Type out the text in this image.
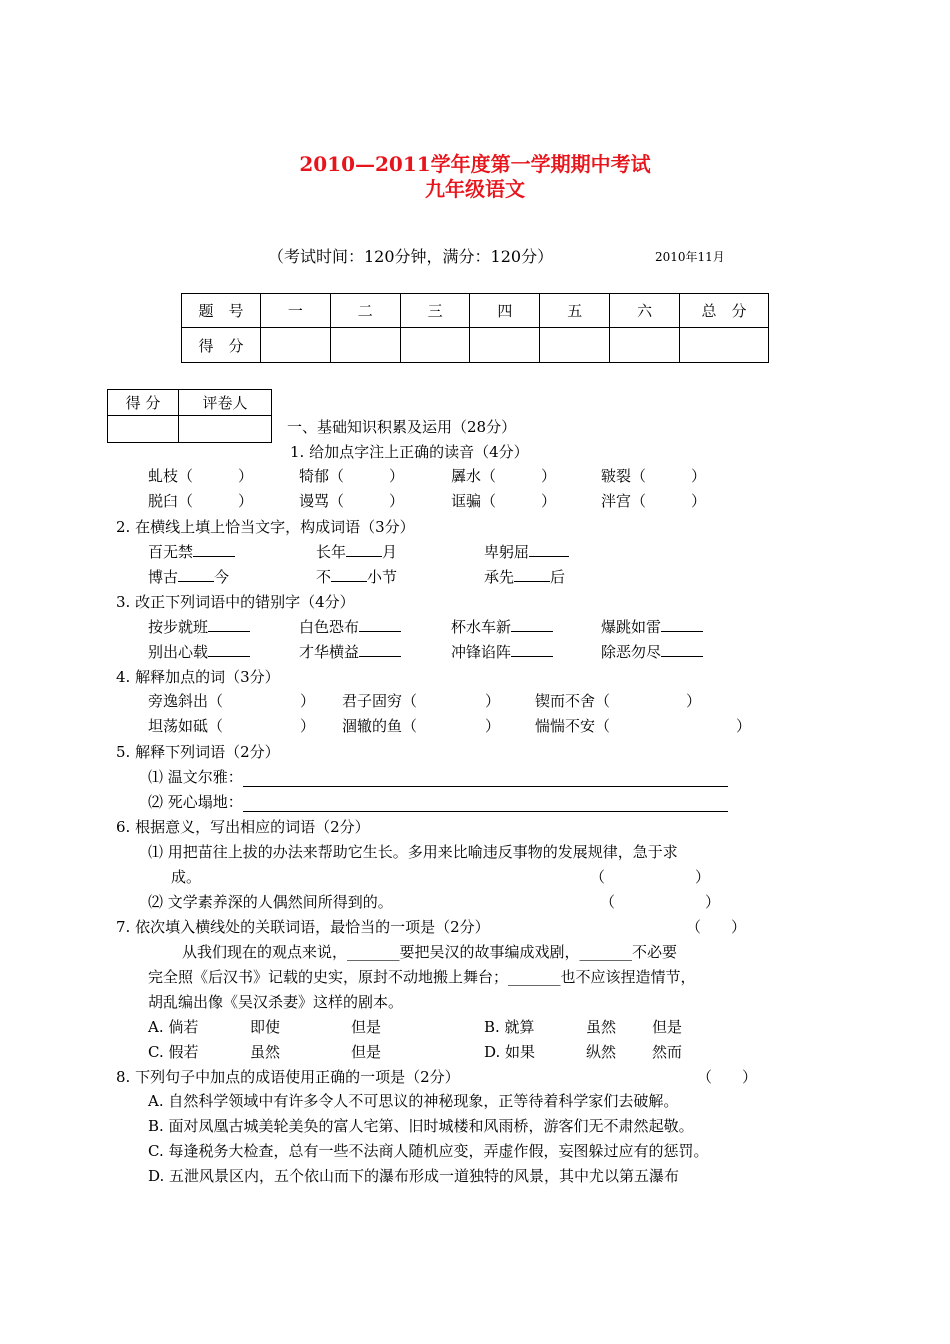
2010—2011学年度第一学期期中考试
九年级语文
（考试时间：120分钟，满分：120分）	2010年11月
题　号	一	二	三	四	五	六	总　分
得　分							
得 分	评卷人

一、基础知识积累及运用（28分）
1. 给加点字注上正确的读音（4分）
虬枝（　　　）	犄郁（　　　）	羼水（　　　）	皲裂（　　　）
脱臼（　　　）	谩骂（　　　）	诓骗（　　　）	泮宫（　　　）
2. 在横线上填上恰当文字，构成词语（3分）
百无禁	长年 月	卑躬屈
博古 今	不 小节	承先 后
3. 改正下列词语中的错别字（4分）
按步就班	白色恐布	杯水车新	爆跳如雷
别出心载	才华横益	冲锋谄阵	除恶勿尽
4. 解释加点的词（3分）
旁逸斜出（	） 君子固穷（	） 锲而不舍（	）
坦荡如砥（	） 涸辙的鱼（	） 惴惴不安（	）
5. 解释下列词语（2分）
⑴ 温文尔雅：
⑵ 死心塌地：
6. 根据意义，写出相应的词语（2分）
⑴ 用把苗往上拔的办法来帮助它生长。多用来比喻违反事物的发展规律，急于求
成。	（　　　　　　）
⑵ 文学素养深的人偶然间所得到的。	（　　　　　　）
7. 依次填入横线处的关联词语，最恰当的一项是（2分）	（　　）
从我们现在的观点来说，_______要把吴汉的故事编成戏剧，_______不必要
完全照《后汉书》记载的史实，原封不动地搬上舞台；_______也不应该捏造情节，
胡乱编出像《吴汉杀妻》这样的剧本。
A. 倘若	即使	但是	B. 就算	虽然 但是
C. 假若	虽然	但是	D. 如果	纵然 然而
8. 下列句子中加点的成语使用正确的一项是（2分）	（　　）
A. 自然科学领域中有许多令人不可思议的神秘现象，正等待着科学家们去破解。
B. 面对凤凰古城美轮美奂的富人宅第、旧时城楼和风雨桥，游客们无不肃然起敬。
C. 每逢税务大检查，总有一些不法商人随机应变，弄虚作假，妄图躲过应有的惩罚。
D. 五泄风景区内，五个依山而下的瀑布形成一道独特的风景，其中尤以第五瀑布
